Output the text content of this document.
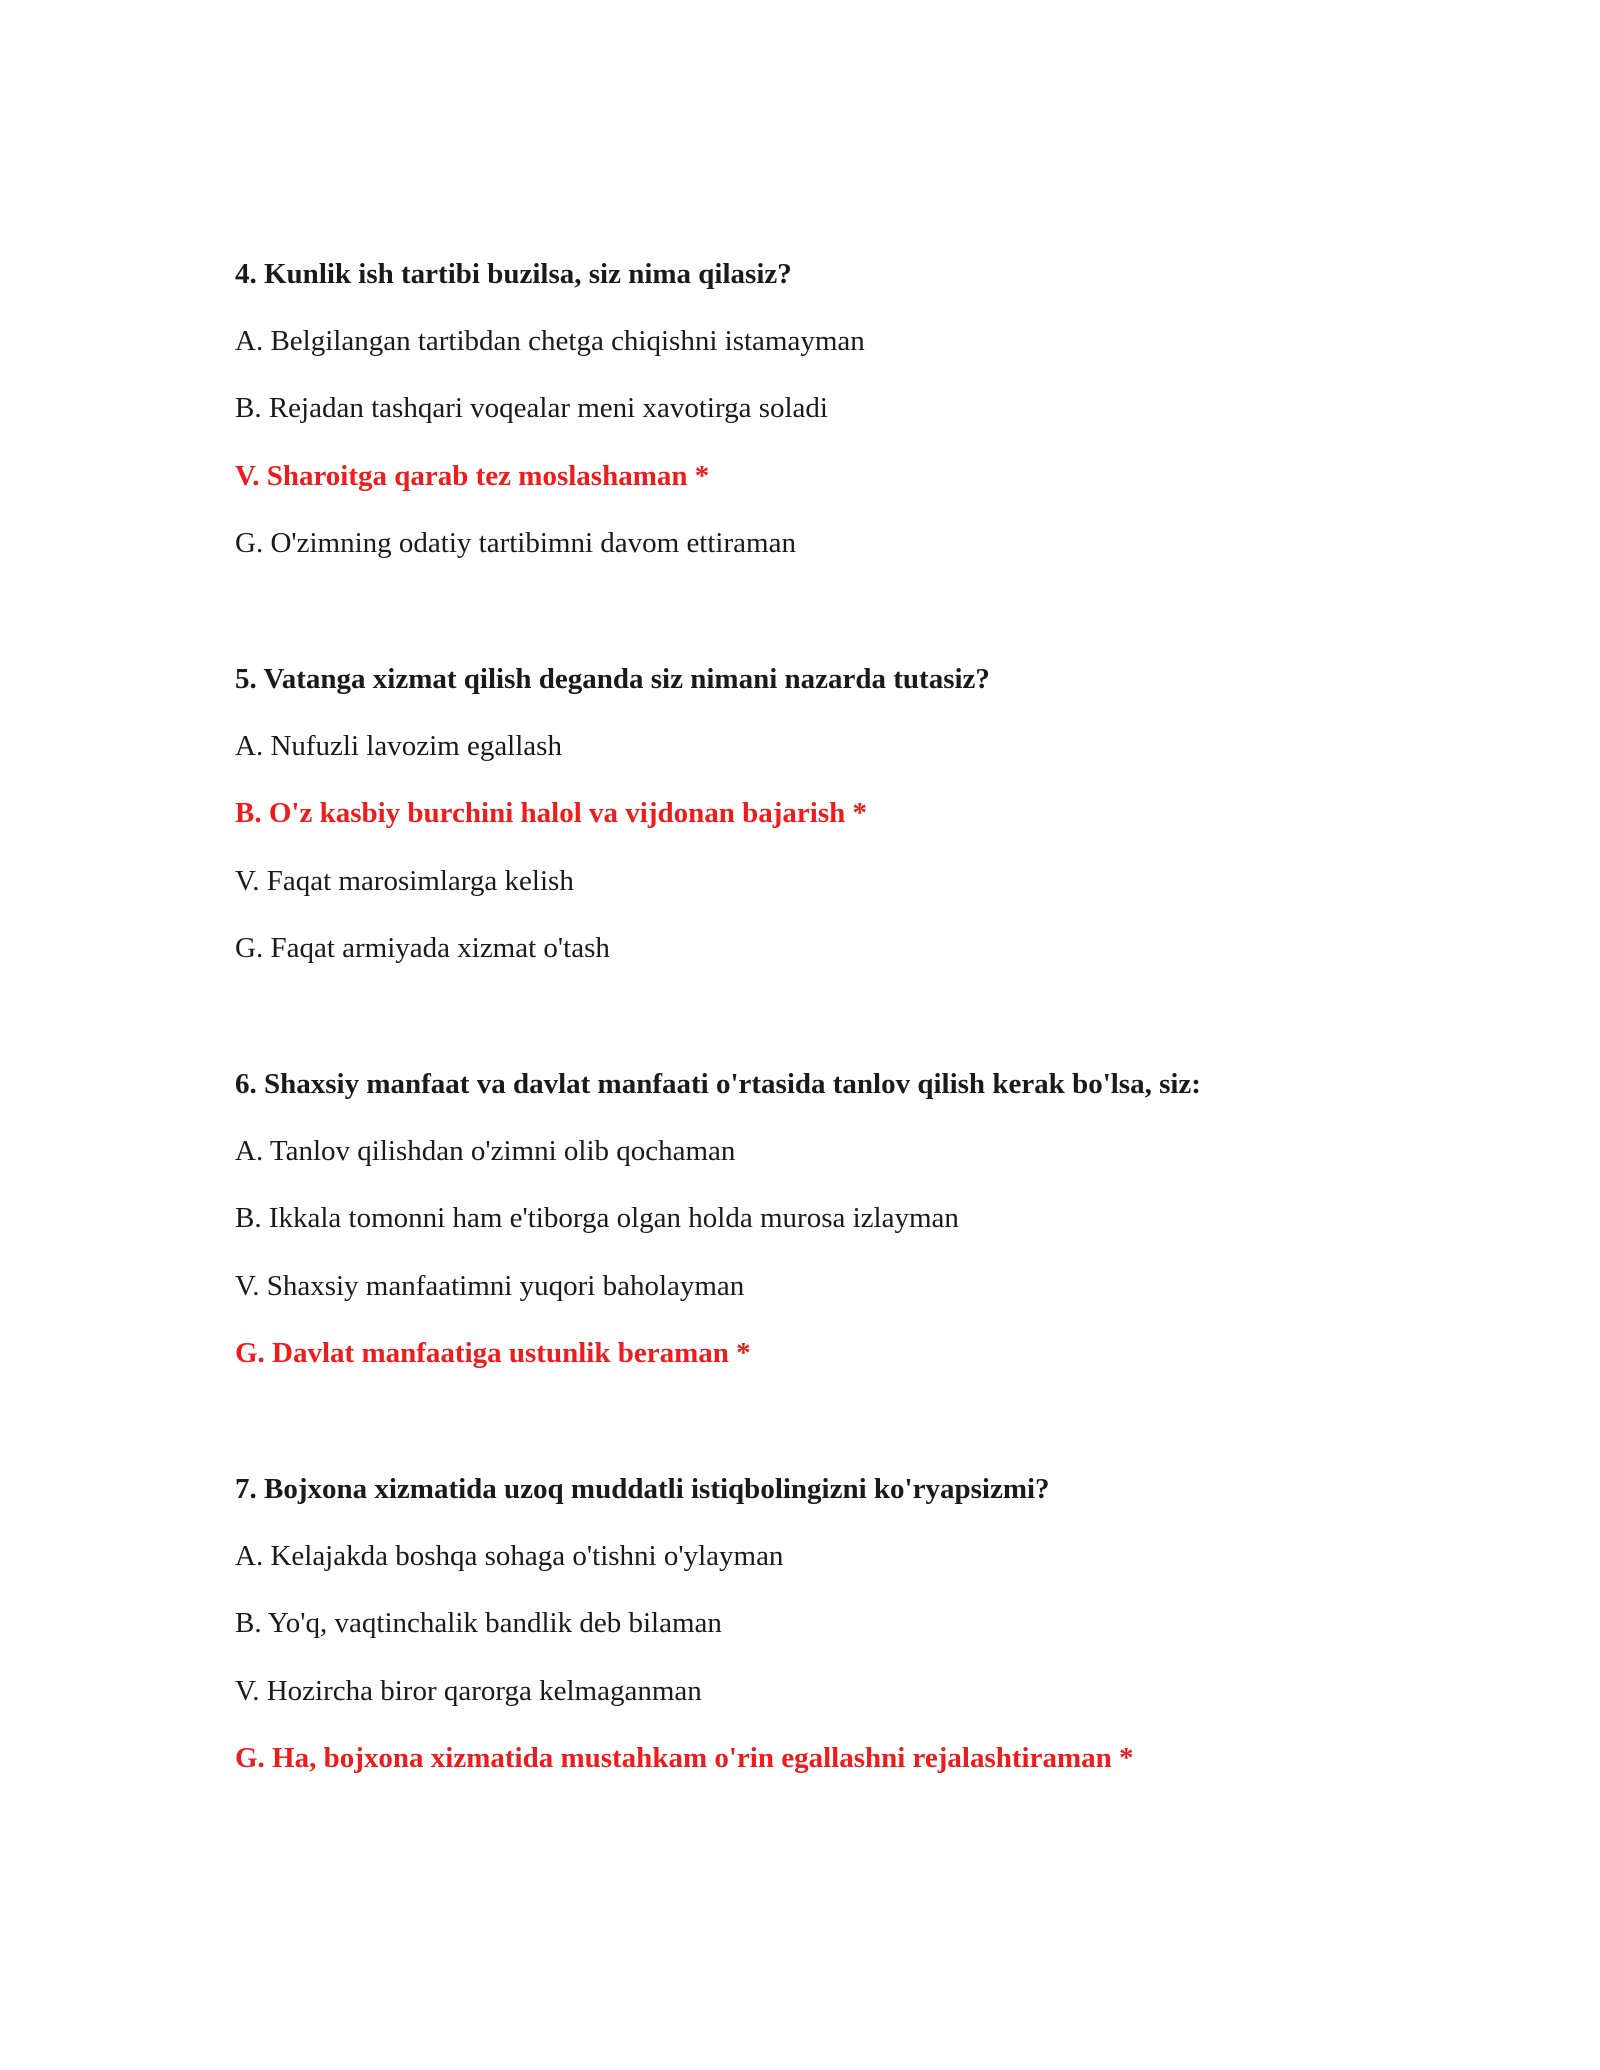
4. Kunlik ish tartibi buzilsa, siz nima qilasiz?

A. Belgilangan tartibdan chetga chiqishni istamayman

B. Rejadan tashqari voqealar meni xavotirga soladi

V. Sharoitga qarab tez moslashaman *

G. O'zimning odatiy tartibimni davom ettiraman

5. Vatanga xizmat qilish deganda siz nimani nazarda tutasiz?

A. Nufuzli lavozim egallash

B. O'z kasbiy burchini halol va vijdonan bajarish *

V. Faqat marosimlarga kelish

G. Faqat armiyada xizmat o'tash

6. Shaxsiy manfaat va davlat manfaati o'rtasida tanlov qilish kerak bo'lsa, siz:

A. Tanlov qilishdan o'zimni olib qochaman

B. Ikkala tomonni ham e'tiborga olgan holda murosa izlayman

V. Shaxsiy manfaatimni yuqori baholayman

G. Davlat manfaatiga ustunlik beraman *

7. Bojxona xizmatida uzoq muddatli istiqbolingizni ko'ryapsizmi?

A. Kelajakda boshqa sohaga o'tishni o'ylayman

B. Yo'q, vaqtinchalik bandlik deb bilaman

V. Hozircha biror qarorga kelmaganman

G. Ha, bojxona xizmatida mustahkam o'rin egallashni rejalashtiraman *
